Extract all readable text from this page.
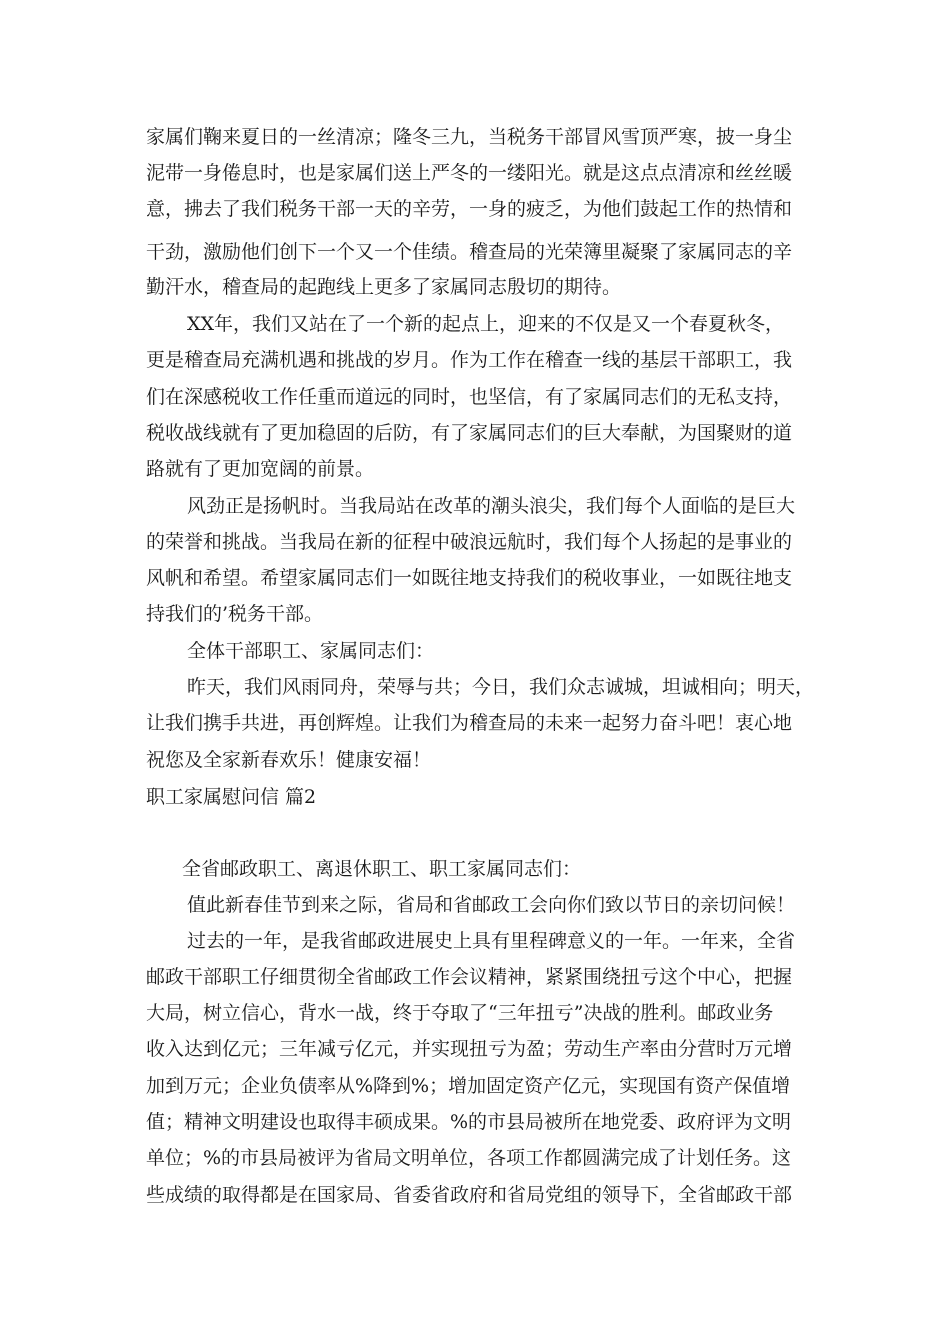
家属们鞠来夏日的一丝清凉；隆冬三九，当税务干部冒风雪顶严寒，披一身尘

泥带一身倦息时，也是家属们送上严冬的一缕阳光。就是这点点清凉和丝丝暖

意，拂去了我们税务干部一天的辛劳，一身的疲乏，为他们鼓起工作的热情和

干劲，激励他们创下一个又一个佳绩。稽查局的光荣簿里凝聚了家属同志的辛

勤汗水，稽查局的起跑线上更多了家属同志殷切的期待。

XX年，我们又站在了一个新的起点上，迎来的不仅是又一个春夏秋冬，

更是稽查局充满机遇和挑战的岁月。作为工作在稽查一线的基层干部职工，我

们在深感税收工作任重而道远的同时，也坚信，有了家属同志们的无私支持，

税收战线就有了更加稳固的后防，有了家属同志们的巨大奉献，为国聚财的道

路就有了更加宽阔的前景。

风劲正是扬帆时。当我局站在改革的潮头浪尖，我们每个人面临的是巨大

的荣誉和挑战。当我局在新的征程中破浪远航时，我们每个人扬起的是事业的

风帆和希望。希望家属同志们一如既往地支持我们的税收事业，一如既往地支

持我们的’税务干部。

全体干部职工、家属同志们：

昨天，我们风雨同舟，荣辱与共；今日，我们众志诚城，坦诚相向；明天，

让我们携手共进，再创辉煌。让我们为稽查局的未来一起努力奋斗吧！衷心地

祝您及全家新春欢乐！健康安福！

职工家属慰问信 篇2

全省邮政职工、离退休职工、职工家属同志们：

值此新春佳节到来之际，省局和省邮政工会向你们致以节日的亲切问候！

过去的一年，是我省邮政进展史上具有里程碑意义的一年。一年来，全省

邮政干部职工仔细贯彻全省邮政工作会议精神，紧紧围绕扭亏这个中心，把握

大局，树立信心，背水一战，终于夺取了“三年扭亏”决战的胜利。邮政业务

收入达到亿元；三年减亏亿元，并实现扭亏为盈；劳动生产率由分营时万元增

加到万元；企业负债率从%降到%；增加固定资产亿元，实现国有资产保值增

值；精神文明建设也取得丰硕成果。%的市县局被所在地党委、政府评为文明

单位；%的市县局被评为省局文明单位，各项工作都圆满完成了计划任务。这

些成绩的取得都是在国家局、省委省政府和省局党组的领导下，全省邮政干部
